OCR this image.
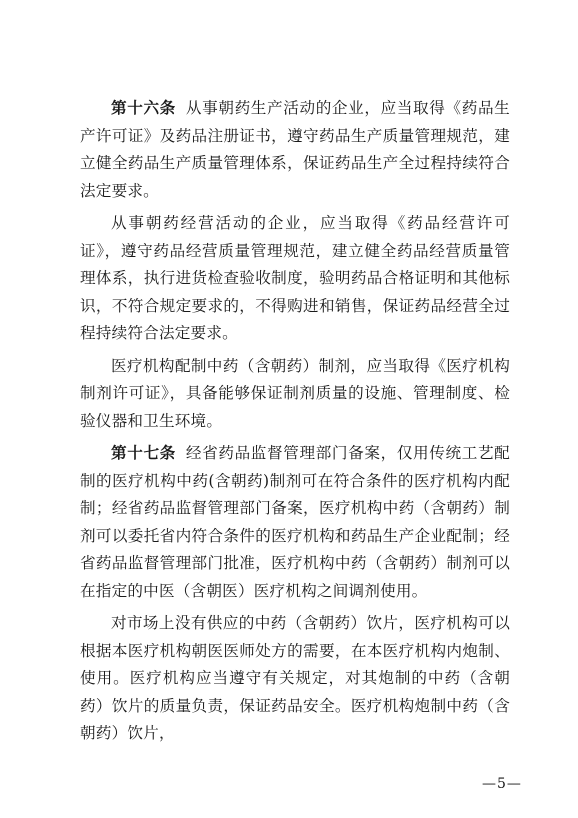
第十六条 从事朝药生产活动的企业，应当取得《药品生产许可证》及药品注册证书，遵守药品生产质量管理规范，建立健全药品生产质量管理体系，保证药品生产全过程持续符合法定要求。

从事朝药经营活动的企业，应当取得《药品经营许可证》，遵守药品经营质量管理规范，建立健全药品经营质量管理体系，执行进货检查验收制度，验明药品合格证明和其他标识，不符合规定要求的，不得购进和销售，保证药品经营全过程持续符合法定要求。

医疗机构配制中药（含朝药）制剂，应当取得《医疗机构制剂许可证》，具备能够保证制剂质量的设施、管理制度、检验仪器和卫生环境。

第十七条 经省药品监督管理部门备案，仅用传统工艺配制的医疗机构中药(含朝药)制剂可在符合条件的医疗机构内配制；经省药品监督管理部门备案，医疗机构中药（含朝药）制剂可以委托省内符合条件的医疗机构和药品生产企业配制；经省药品监督管理部门批准，医疗机构中药（含朝药）制剂可以在指定的中医（含朝医）医疗机构之间调剂使用。

对市场上没有供应的中药（含朝药）饮片，医疗机构可以根据本医疗机构朝医医师处方的需要，在本医疗机构内炮制、使用。医疗机构应当遵守有关规定，对其炮制的中药（含朝药）饮片的质量负责，保证药品安全。医疗机构炮制中药（含朝药）饮片，

—5—
